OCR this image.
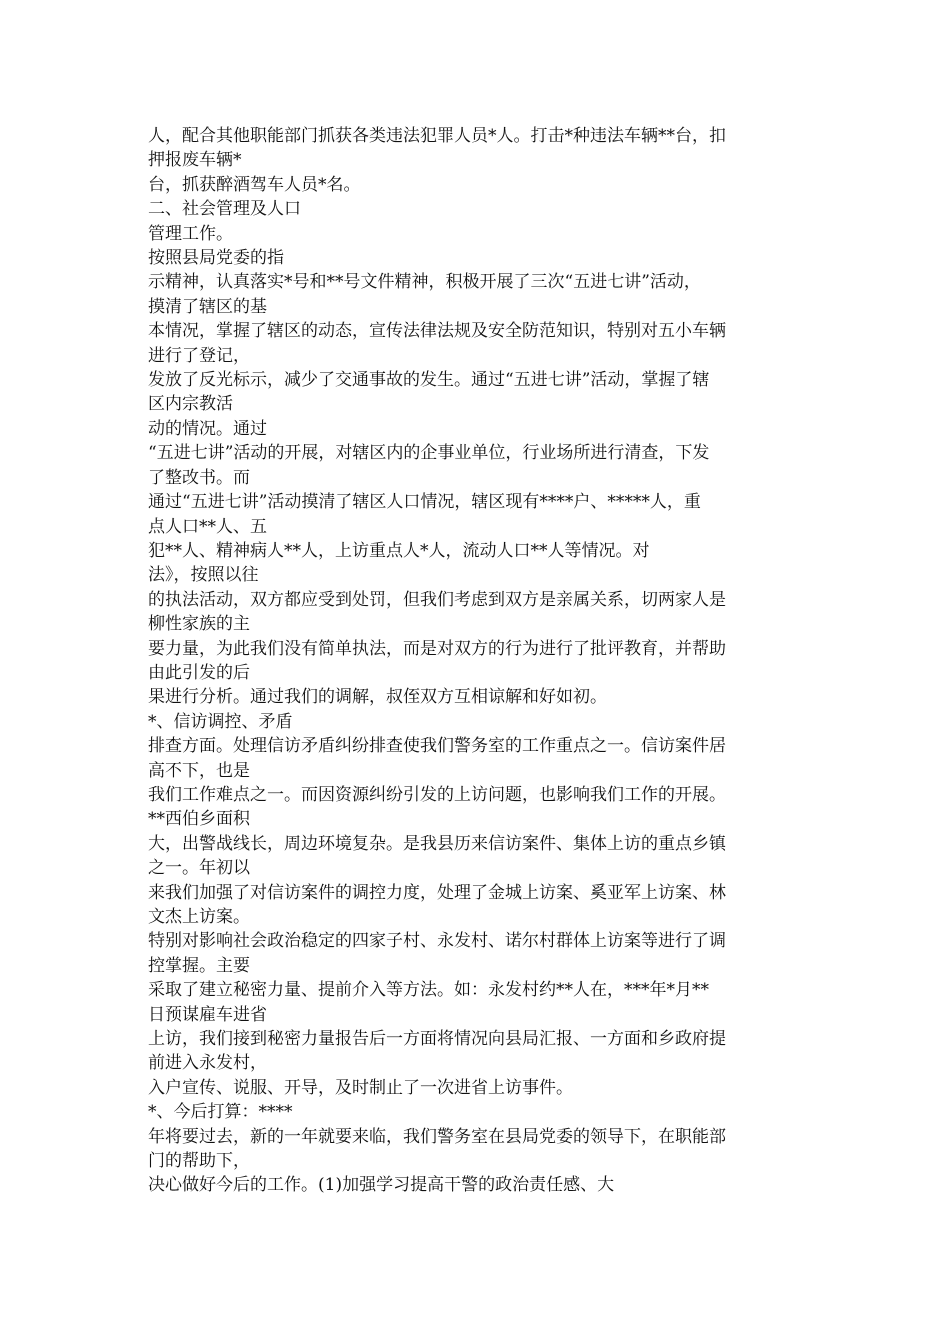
人，配合其他职能部门抓获各类违法犯罪人员*人。打击*种违法车辆**台，扣

押报废车辆*

台，抓获醉酒驾车人员*名。

二、社会管理及人口

管理工作。

按照县局党委的指

示精神，认真落实*号和**号文件精神，积极开展了三次“五进七讲”活动，

摸清了辖区的基

本情况，掌握了辖区的动态，宣传法律法规及安全防范知识，特别对五小车辆

进行了登记，

发放了反光标示，减少了交通事故的发生。通过“五进七讲”活动，掌握了辖

区内宗教活

动的情况。通过

“五进七讲”活动的开展，对辖区内的企事业单位，行业场所进行清查，下发

了整改书。而

通过“五进七讲”活动摸清了辖区人口情况，辖区现有****户、*****人，重

点人口**人、五

犯**人、精神病人**人，上访重点人*人，流动人口**人等情况。对

法》，按照以往

的执法活动，双方都应受到处罚，但我们考虑到双方是亲属关系，切两家人是

柳性家族的主

要力量，为此我们没有简单执法，而是对双方的行为进行了批评教育，并帮助

由此引发的后

果进行分析。通过我们的调解，叔侄双方互相谅解和好如初。

*、信访调控、矛盾

排查方面。处理信访矛盾纠纷排查使我们警务室的工作重点之一。信访案件居

高不下，也是

我们工作难点之一。而因资源纠纷引发的上访问题，也影响我们工作的开展。

**西伯乡面积

大，出警战线长，周边环境复杂。是我县历来信访案件、集体上访的重点乡镇

之一。年初以

来我们加强了对信访案件的调控力度，处理了金城上访案、奚亚军上访案、林

文杰上访案。

特别对影响社会政治稳定的四家子村、永发村、诺尔村群体上访案等进行了调

控掌握。主要

采取了建立秘密力量、提前介入等方法。如：永发村约**人在，***年*月**

日预谋雇车进省

上访，我们接到秘密力量报告后一方面将情况向县局汇报、一方面和乡政府提

前进入永发村，

入户宣传、说服、开导，及时制止了一次进省上访事件。

*、今后打算：****

年将要过去，新的一年就要来临，我们警务室在县局党委的领导下，在职能部

门的帮助下，

决心做好今后的工作。(1)加强学习提高干警的政治责任感、大
